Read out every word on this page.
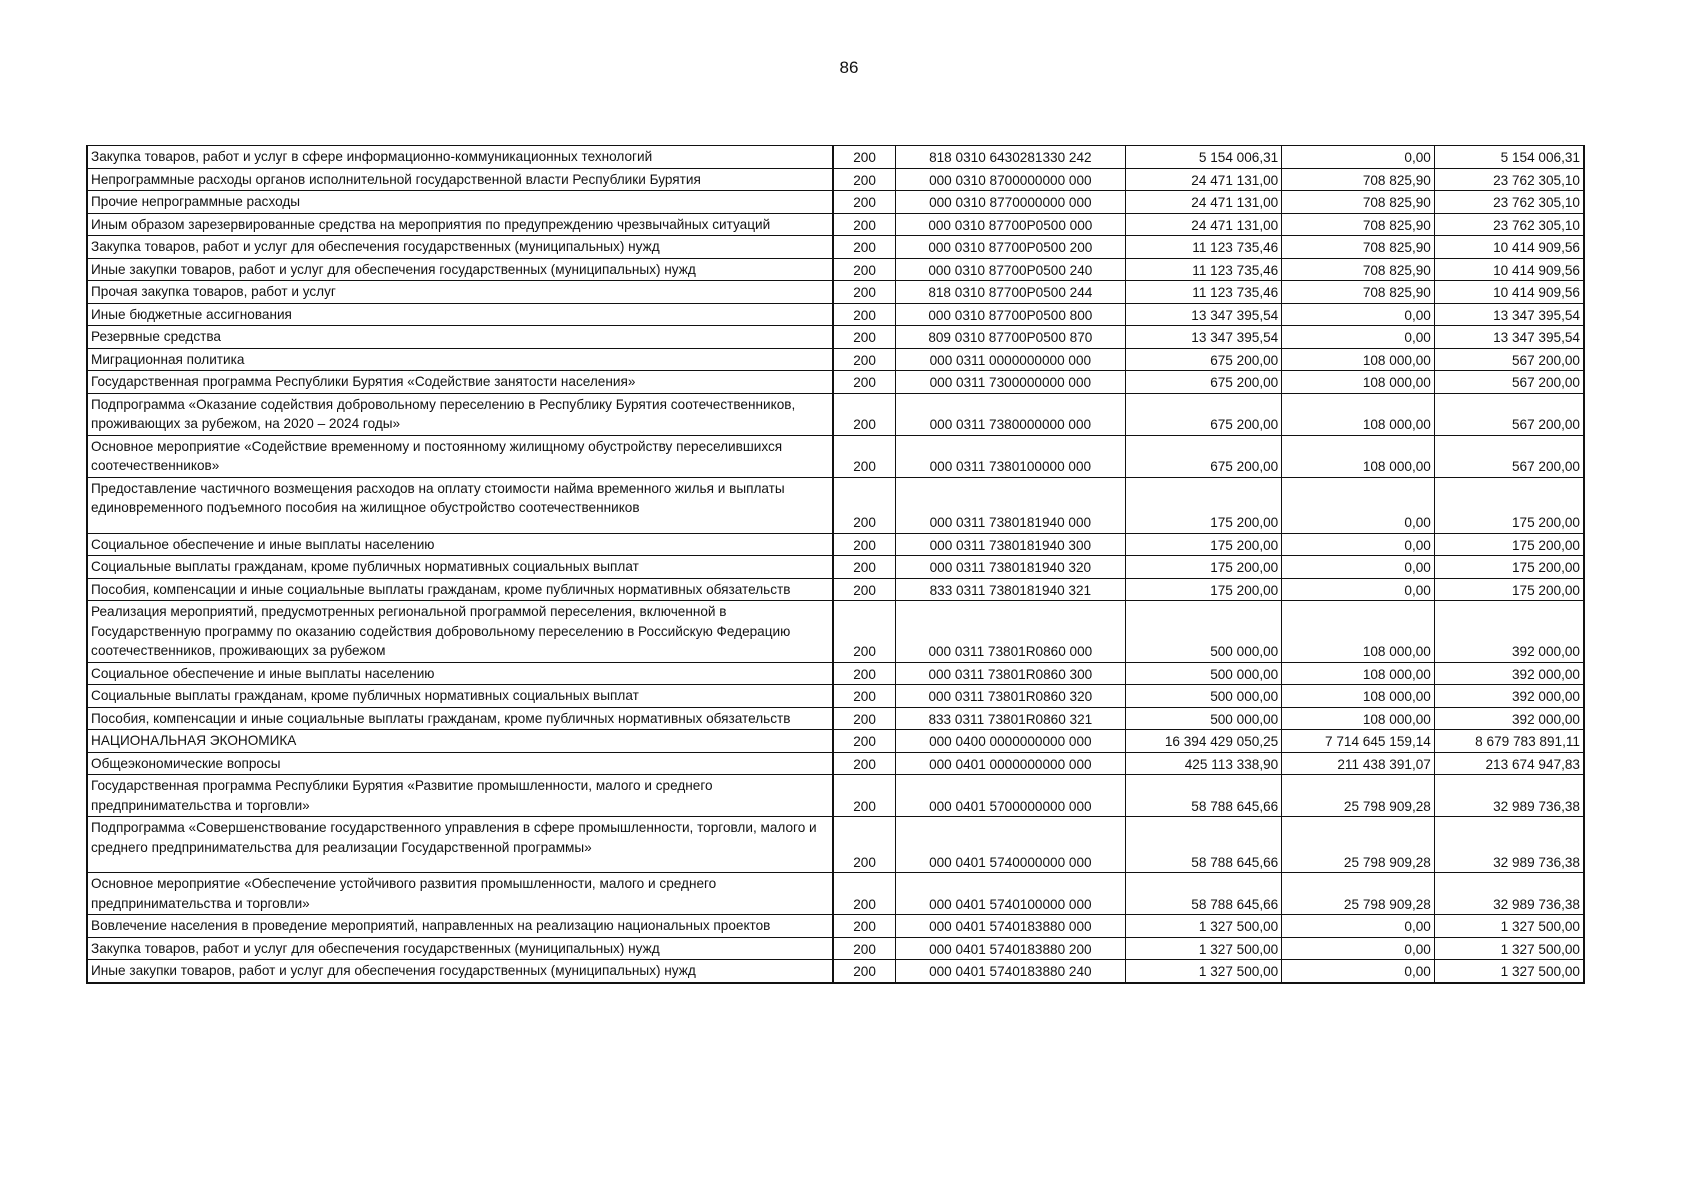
86
Закупка товаров, работ и услуг в сфере информационно-коммуникационных технологий	200	818 0310 6430281330 242	5 154 006,31	0,00	5 154 006,31
Непрограммные расходы органов исполнительной государственной власти Республики Бурятия	200	000 0310 8700000000 000	24 471 131,00	708 825,90	23 762 305,10
Прочие непрограммные расходы	200	000 0310 8770000000 000	24 471 131,00	708 825,90	23 762 305,10
Иным образом зарезервированные средства на мероприятия по предупреждению чрезвычайных ситуаций	200	000 0310 87700Р0500 000	24 471 131,00	708 825,90	23 762 305,10
Закупка товаров, работ и услуг для обеспечения государственных (муниципальных) нужд	200	000 0310 87700Р0500 200	11 123 735,46	708 825,90	10 414 909,56
Иные закупки товаров, работ и услуг для обеспечения государственных (муниципальных) нужд	200	000 0310 87700Р0500 240	11 123 735,46	708 825,90	10 414 909,56
Прочая закупка товаров, работ и услуг	200	818 0310 87700Р0500 244	11 123 735,46	708 825,90	10 414 909,56
Иные бюджетные ассигнования	200	000 0310 87700Р0500 800	13 347 395,54	0,00	13 347 395,54
Резервные средства	200	809 0310 87700Р0500 870	13 347 395,54	0,00	13 347 395,54
Миграционная политика	200	000 0311 0000000000 000	675 200,00	108 000,00	567 200,00
Государственная программа Республики Бурятия «Содействие занятости населения»	200	000 0311 7300000000 000	675 200,00	108 000,00	567 200,00
Подпрограмма «Оказание содействия добровольному переселению в Республику Бурятия соотечественников, проживающих за рубежом, на 2020 – 2024 годы»	200	000 0311 7380000000 000	675 200,00	108 000,00	567 200,00
Основное мероприятие «Содействие временному и постоянному жилищному обустройству переселившихся соотечественников»	200	000 0311 7380100000 000	675 200,00	108 000,00	567 200,00
Предоставление частичного возмещения расходов на оплату стоимости найма временного жилья и выплаты единовременного подъемного пособия на жилищное обустройство соотечественников	200	000 0311 7380181940 000	175 200,00	0,00	175 200,00
Социальное обеспечение и иные выплаты населению	200	000 0311 7380181940 300	175 200,00	0,00	175 200,00
Социальные выплаты гражданам, кроме публичных нормативных социальных выплат	200	000 0311 7380181940 320	175 200,00	0,00	175 200,00
Пособия, компенсации и иные социальные выплаты гражданам, кроме публичных нормативных обязательств	200	833 0311 7380181940 321	175 200,00	0,00	175 200,00
Реализация мероприятий, предусмотренных региональной программой переселения, включенной в Государственную программу по оказанию содействия добровольному переселению в Российскую Федерацию соотечественников, проживающих за рубежом	200	000 0311 73801R0860 000	500 000,00	108 000,00	392 000,00
Социальное обеспечение и иные выплаты населению	200	000 0311 73801R0860 300	500 000,00	108 000,00	392 000,00
Социальные выплаты гражданам, кроме публичных нормативных социальных выплат	200	000 0311 73801R0860 320	500 000,00	108 000,00	392 000,00
Пособия, компенсации и иные социальные выплаты гражданам, кроме публичных нормативных обязательств	200	833 0311 73801R0860 321	500 000,00	108 000,00	392 000,00
НАЦИОНАЛЬНАЯ ЭКОНОМИКА	200	000 0400 0000000000 000	16 394 429 050,25	7 714 645 159,14	8 679 783 891,11
Общеэкономические вопросы	200	000 0401 0000000000 000	425 113 338,90	211 438 391,07	213 674 947,83
Государственная программа Республики Бурятия «Развитие промышленности, малого и среднего предпринимательства и торговли»	200	000 0401 5700000000 000	58 788 645,66	25 798 909,28	32 989 736,38
Подпрограмма «Совершенствование государственного управления в сфере промышленности, торговли, малого и среднего предпринимательства для реализации Государственной программы»	200	000 0401 5740000000 000	58 788 645,66	25 798 909,28	32 989 736,38
Основное мероприятие «Обеспечение устойчивого развития промышленности, малого и среднего предпринимательства и торговли»	200	000 0401 5740100000 000	58 788 645,66	25 798 909,28	32 989 736,38
Вовлечение населения в проведение мероприятий, направленных на реализацию национальных проектов	200	000 0401 5740183880 000	1 327 500,00	0,00	1 327 500,00
Закупка товаров, работ и услуг для обеспечения государственных (муниципальных) нужд	200	000 0401 5740183880 200	1 327 500,00	0,00	1 327 500,00
Иные закупки товаров, работ и услуг для обеспечения государственных (муниципальных) нужд	200	000 0401 5740183880 240	1 327 500,00	0,00	1 327 500,00
